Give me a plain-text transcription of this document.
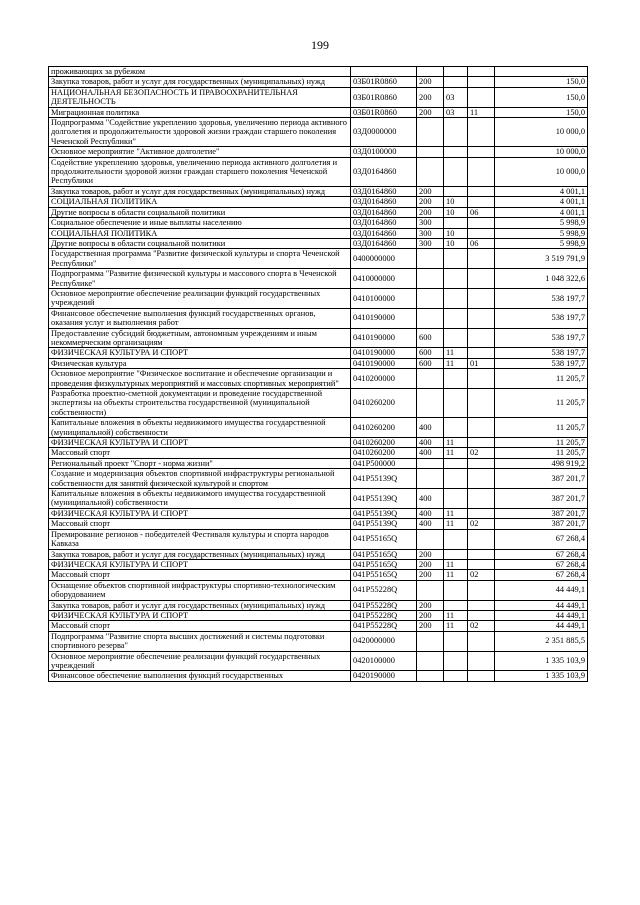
199
проживающих за рубежом					
Закупка товаров, работ и услуг для государственных (муниципальных) нужд	03Б01R0860	200			150,0
НАЦИОНАЛЬНАЯ БЕЗОПАСНОСТЬ И ПРАВООХРАНИТЕЛЬНАЯ ДЕЯТЕЛЬНОСТЬ	03Б01R0860	200	03		150,0
Миграционная политика	03Б01R0860	200	03	11	150,0
Подпрограмма "Содействие укреплению здоровья, увеличению периода активного долголетия и продолжительности здоровой жизни граждан старшего поколения Чеченской Республики"	03Д0000000				10 000,0
Основное мероприятие "Активное долголетие"	03Д0100000				10 000,0
Содействие укреплению здоровья, увеличению периода активного долголетия и продолжительности здоровой жизни граждан старшего поколения Чеченской Республики	03Д0164860				10 000,0
Закупка товаров, работ и услуг для государственных (муниципальных) нужд	03Д0164860	200			4 001,1
СОЦИАЛЬНАЯ ПОЛИТИКА	03Д0164860	200	10		4 001,1
Другие вопросы в области социальной политики	03Д0164860	200	10	06	4 001,1
Социальное обеспечение и иные выплаты населению	03Д0164860	300			5 998,9
СОЦИАЛЬНАЯ ПОЛИТИКА	03Д0164860	300	10		5 998,9
Другие вопросы в области социальной политики	03Д0164860	300	10	06	5 998,9
Государственная программа "Развитие физической культуры и спорта Чеченской Республики"	0400000000				3 519 791,9
Подпрограмма "Развитие физической культуры и массового спорта в Чеченской Республике"	0410000000				1 048 322,6
Основное мероприятие обеспечение реализации функций государственных учреждений	0410100000				538 197,7
Финансовое обеспечение выполнения функций государственных органов, оказания услуг и выполнения работ	0410190000				538 197,7
Предоставление субсидий бюджетным, автономным учреждениям и иным некоммерческим организациям	0410190000	600			538 197,7
ФИЗИЧЕСКАЯ КУЛЬТУРА И СПОРТ	0410190000	600	11		538 197,7
Физическая культура	0410190000	600	11	01	538 197,7
Основное мероприятие "Физическое воспитание и обеспечение организации и проведения физкультурных мероприятий и массовых спортивных мероприятий"	0410200000				11 205,7
Разработка проектно-сметной документации и проведение государственной экспертизы на объекты строительства государственной (муниципальной собственности)	0410260200				11 205,7
Капитальные вложения в объекты недвижимого имущества государственной (муниципальной) собственности	0410260200	400			11 205,7
ФИЗИЧЕСКАЯ КУЛЬТУРА И СПОРТ	0410260200	400	11		11 205,7
Массовый спорт	0410260200	400	11	02	11 205,7
Региональный проект "Спорт - норма жизни"	041P500000				498 919,2
Создание и модернизация объектов спортивной инфраструктуры региональной собственности для занятий физической культурой и спортом	041P55139Q				387 201,7
Капитальные вложения в объекты недвижимого имущества государственной (муниципальной) собственности	041P55139Q	400			387 201,7
ФИЗИЧЕСКАЯ КУЛЬТУРА И СПОРТ	041P55139Q	400	11		387 201,7
Массовый спорт	041P55139Q	400	11	02	387 201,7
Премирование регионов - победителей Фестиваля культуры и спорта народов Кавказа	041P55165Q				67 268,4
Закупка товаров, работ и услуг для государственных (муниципальных) нужд	041P55165Q	200			67 268,4
ФИЗИЧЕСКАЯ КУЛЬТУРА И СПОРТ	041P55165Q	200	11		67 268,4
Массовый спорт	041P55165Q	200	11	02	67 268,4
Оснащение объектов спортивной инфраструктуры спортивно-технологическим оборудованием	041P55228Q				44 449,1
Закупка товаров, работ и услуг для государственных (муниципальных) нужд	041P55228Q	200			44 449,1
ФИЗИЧЕСКАЯ КУЛЬТУРА И СПОРТ	041P55228Q	200	11		44 449,1
Массовый спорт	041P55228Q	200	11	02	44 449,1
Подпрограмма "Развитие спорта высших достижений и системы подготовки спортивного резерва"	0420000000				2 351 885,5
Основное мероприятие обеспечение реализации функций государственных учреждений	0420100000				1 335 103,9
Финансовое обеспечение выполнения функций государственных	0420190000				1 335 103,9
